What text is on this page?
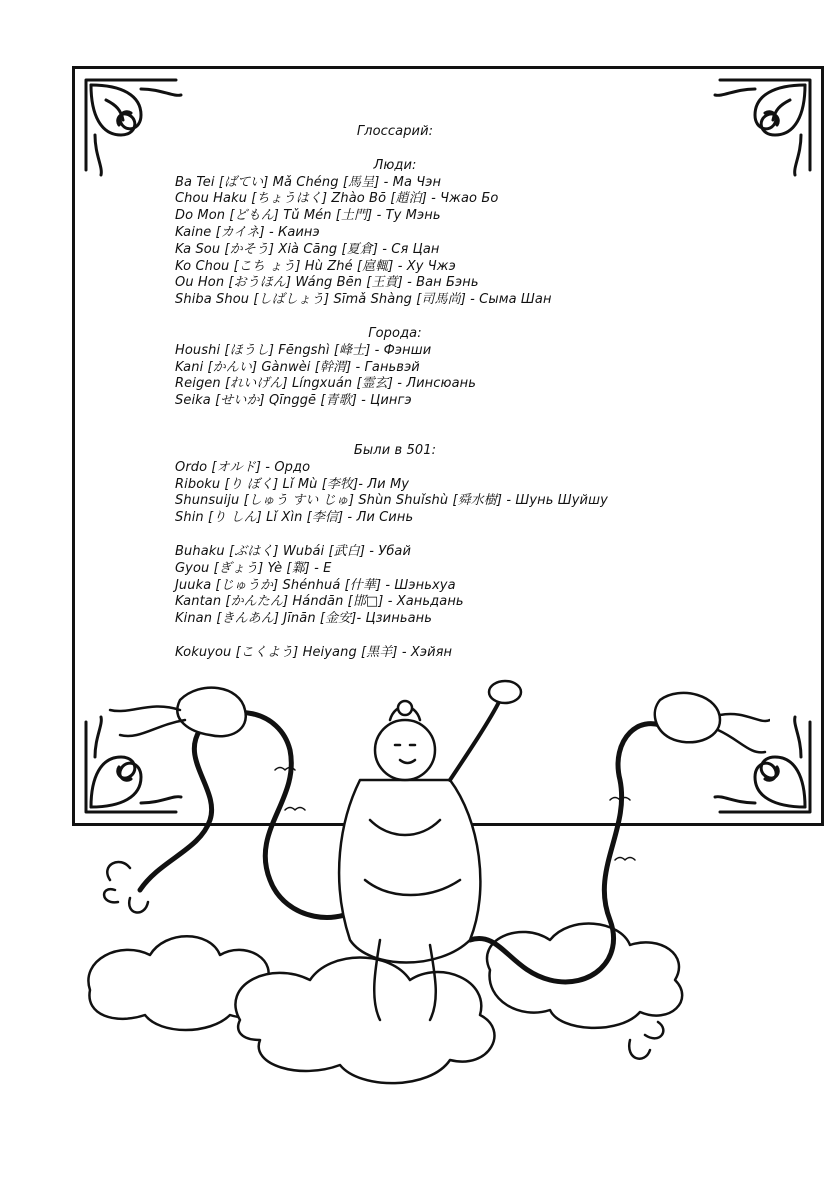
Глоссарий:
Люди:
Ba Tei [ばてい] Mǎ Chéng [馬呈] - Ма Чэн
Chou Haku [ちょうはく] Zhào Bō [趙泊] - Чжао Бо
Do Mon [どもん] Tǔ Mén [土門] - Ту Мэнь
Kaine [カイネ] - Каинэ
Ka Sou [かそう] Xià Cāng [夏倉] - Ся Цан
Ko Chou [こち ょう] Hù Zhé [扈輒] - Ху Чжэ
Ou Hon [おうほん] Wáng Bēn [王賁] - Ван Бэнь
Shiba Shou [しばしょう] Sīmǎ Shàng [司馬尚] - Сыма Шан
Города:
Houshi [ほうし] Fēngshì [峰士] - Фэнши
Kani [かんい] Gànwèi [幹渭] - Ганьвэй
Reigen [れいげん] Língxuán [霊玄] - Линсюань
Seika [せいか] Qīnggē [青歌] - Цингэ
Были в 501:
Ordo [オルド] - Ордо
Riboku [り ぼく] Lǐ Mù [李牧]- Ли Му
Shunsuiju [しゅう すい じゅ] Shùn Shuǐshù [舜水樹] - Шунь Шуйшу
Shin [り しん] Lǐ Xìn [李信] - Ли Синь
Buhaku [ぶはく] Wubái [武白] - Убай
Gyou [ぎょう] Yè [鄴] - Е
Juuka [じゅうか] Shénhuá [什華] - Шэньхуа
Kantan [かんたん] Hándān [邯□] - Ханьдань
Kinan [きんあん] Jīnān [金安]- Цзиньань
Kokuyou [こくよう] Heiyang [黒羊] - Хэйян
